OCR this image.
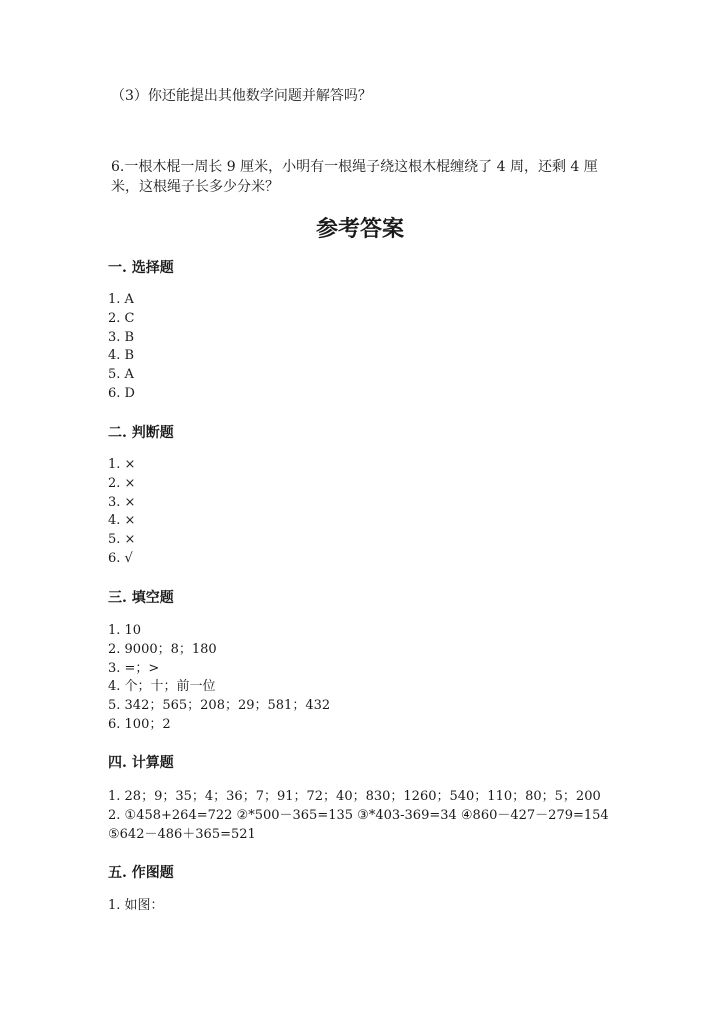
（3）你还能提出其他数学问题并解答吗？
6.一根木棍一周长 9 厘米，小明有一根绳子绕这根木棍缠绕了 4 周，还剩 4 厘
米，这根绳子长多少分米？
参考答案
一. 选择题
1. A
2. C
3. B
4. B
5. A
6. D
二. 判断题
1. ×
2. ×
3. ×
4. ×
5. ×
6. √
三. 填空题
1. 10
2. 9000；8；180
3. =；>
4. 个；十；前一位
5. 342；565；208；29；581；432
6. 100；2
四. 计算题
1. 28；9；35；4；36；7；91；72；40；830；1260；540；110；80；5；200
2. ①458+264=722 ②*500－365=135 ③*403-369=34 ④860－427－279=154
⑤642－486＋365=521
五. 作图题
1. 如图：
